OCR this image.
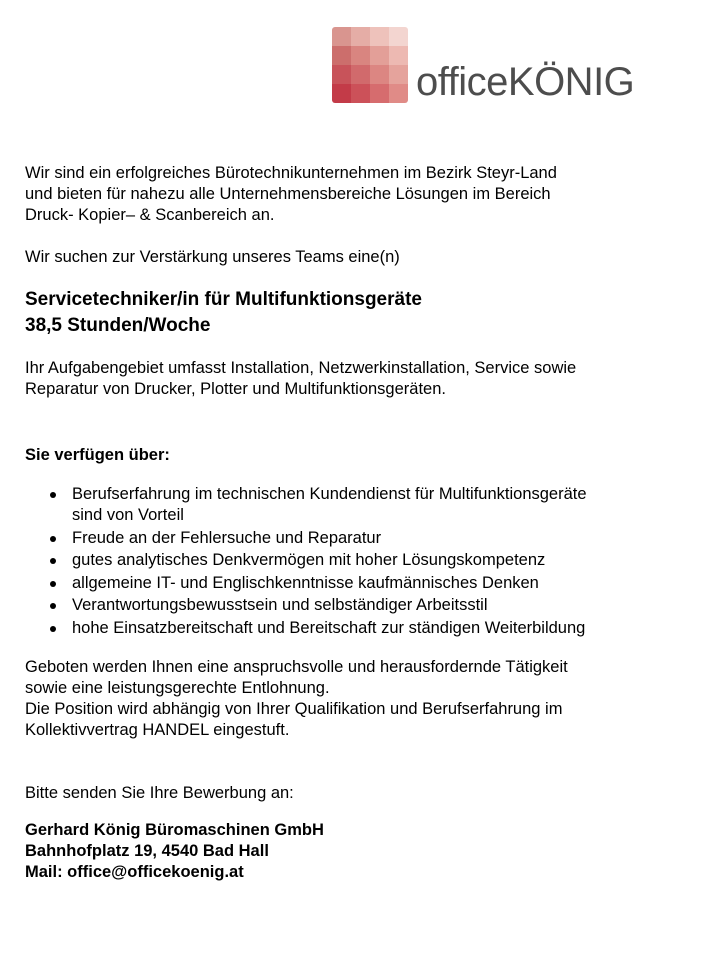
officeKÖNIG

Wir sind ein erfolgreiches Bürotechnikunternehmen im Bezirk Steyr-Land
und bieten für nahezu alle Unternehmensbereiche Lösungen im Bereich
Druck- Kopier– & Scanbereich an.

Wir suchen zur Verstärkung unseres Teams eine(n)

Servicetechniker/in für Multifunktionsgeräte

38,5 Stunden/Woche

Ihr Aufgabengebiet umfasst Installation, Netzwerkinstallation, Service sowie
Reparatur von Drucker, Plotter und Multifunktionsgeräten.

Sie verfügen über:

Berufserfahrung im technischen Kundendienst für Multifunktionsgeräte
sind von Vorteil
Freude an der Fehlersuche und Reparatur
gutes analytisches Denkvermögen mit hoher Lösungskompetenz
allgemeine IT- und Englischkenntnisse kaufmännisches Denken
Verantwortungsbewusstsein und selbständiger Arbeitsstil
hohe Einsatzbereitschaft und Bereitschaft zur ständigen Weiterbildung

Geboten werden Ihnen eine anspruchsvolle und herausfordernde Tätigkeit
sowie eine leistungsgerechte Entlohnung.
Die Position wird abhängig von Ihrer Qualifikation und Berufserfahrung im
Kollektivvertrag HANDEL eingestuft.

Bitte senden Sie Ihre Bewerbung an:

Gerhard König Büromaschinen GmbH

Bahnhofplatz 19, 4540 Bad Hall

Mail: office@officekoenig.at
